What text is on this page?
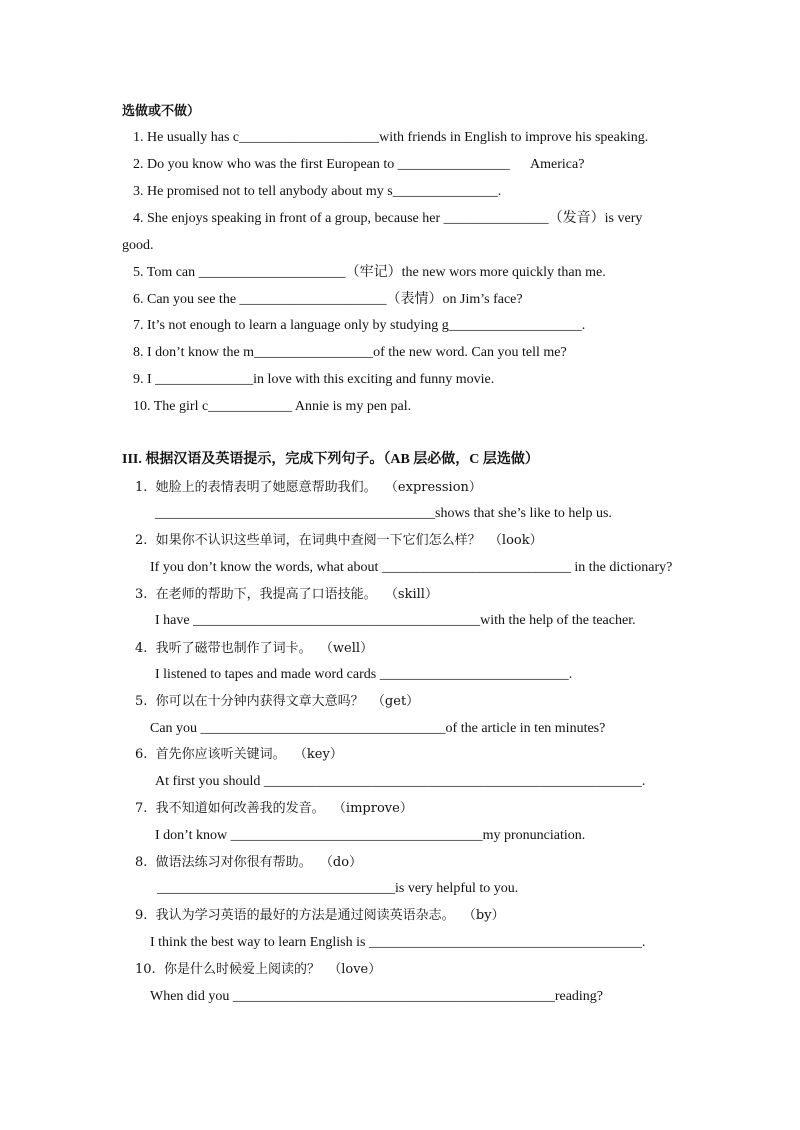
选做或不做）
1. He usually has c____________________with friends in English to improve his speaking.
2. Do you know who was the first European to ________________      America?
3. He promised not to tell anybody about my s_______________.
4. She enjoys speaking in front of a group, because her _______________（发音）is very
good.
5. Tom can _____________________（牢记）the new wors more quickly than me.
6. Can you see the _____________________（表情）on Jim’s face?
7. It’s not enough to learn a language only by studying g___________________.
8. I don’t know the m_________________of the new word. Can you tell me?
9. I ______________in love with this exciting and funny movie.
10. The girl c____________ Annie is my pen pal.
III. 根据汉语及英语提示，完成下列句子。（AB 层必做，C 层选做）
1.  她脸上的表情表明了她愿意帮助我们。  （expression）
________________________________________shows that she’s like to help us.
2.  如果你不认识这些单词，在词典中查阅一下它们怎么样？  （look）
If you don’t know the words, what about ___________________________ in the dictionary?
3.  在老师的帮助下，我提高了口语技能。  （skill）
I have _________________________________________with the help of the teacher.
4.  我听了磁带也制作了词卡。  （well）
I listened to tapes and made word cards ___________________________.
5.  你可以在十分钟内获得文章大意吗？  （get）
Can you ___________________________________of the article in ten minutes?
6.  首先你应该听关键词。  （key）
At first you should ______________________________________________________.
7.  我不知道如何改善我的发音。  （improve）
I don’t know ____________________________________my pronunciation.
8.  做语法练习对你很有帮助。  （do）
__________________________________is very helpful to you.
9.  我认为学习英语的最好的方法是通过阅读英语杂志。  （by）
I think the best way to learn English is _______________________________________.
10.  你是什么时候爱上阅读的？  （love）
When did you ______________________________________________reading?
